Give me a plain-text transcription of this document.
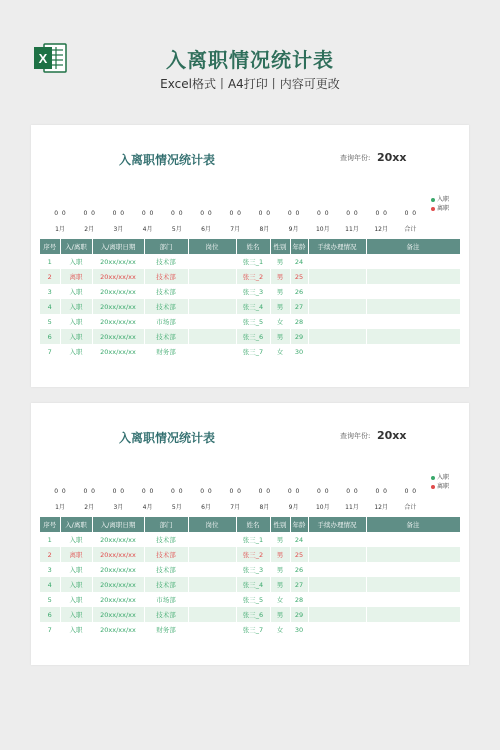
X	入离职情况统计表
Excel格式丨A4打印丨内容可更改
入离职情况统计表	查询年份: 20xx
入职
离职
0 0
1月
0 0
2月
0 0
3月
0 0
4月
0 0
5月
0 0
6月
0 0
7月
0 0
8月
0 0
9月
0 0
10月
0 0
11月
0 0
12月
0 0
合计
序号	入/离职	入/离职日期	部门	岗位	姓名	性别	年龄	手续办理情况	备注
1	入职	20xx/xx/xx	技术部		张三_1	男	24		
2	离职	20xx/xx/xx	技术部		张三_2	男	25		
3	入职	20xx/xx/xx	技术部		张三_3	男	26		
4	入职	20xx/xx/xx	技术部		张三_4	男	27		
5	入职	20xx/xx/xx	市场部		张三_5	女	28		
6	入职	20xx/xx/xx	技术部		张三_6	男	29		
7	入职	20xx/xx/xx	财务部		张三_7	女	30		
入离职情况统计表	查询年份: 20xx
入职
离职
0 0
1月
0 0
2月
0 0
3月
0 0
4月
0 0
5月
0 0
6月
0 0
7月
0 0
8月
0 0
9月
0 0
10月
0 0
11月
0 0
12月
0 0
合计
序号	入/离职	入/离职日期	部门	岗位	姓名	性别	年龄	手续办理情况	备注
1	入职	20xx/xx/xx	技术部		张三_1	男	24		
2	离职	20xx/xx/xx	技术部		张三_2	男	25		
3	入职	20xx/xx/xx	技术部		张三_3	男	26		
4	入职	20xx/xx/xx	技术部		张三_4	男	27		
5	入职	20xx/xx/xx	市场部		张三_5	女	28		
6	入职	20xx/xx/xx	技术部		张三_6	男	29		
7	入职	20xx/xx/xx	财务部		张三_7	女	30		
